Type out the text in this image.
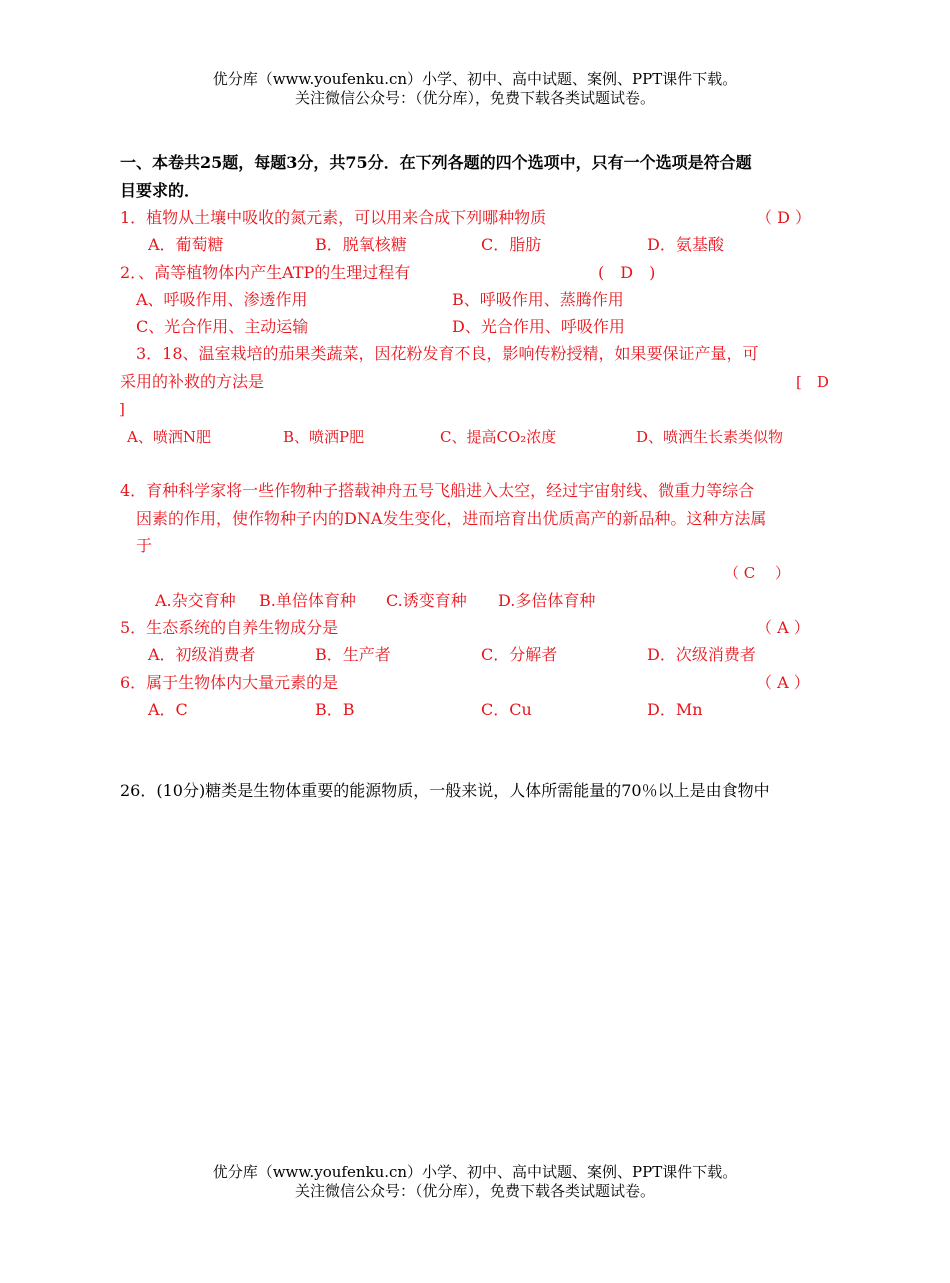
优分库（www.youfenku.cn）小学、初中、高中试题、案例、PPT课件下载。
关注微信公众号：（优分库），免费下载各类试题试卷。
一、本卷共25题，每题3分，共75分．在下列各题的四个选项中，只有一个选项是符合题
目要求的．
1．植物从土壤中吸收的氮元素，可以用来合成下列哪种物质	（ D ）
A．葡萄糖	B．脱氧核糖	C．脂肪	D．氨基酸
2．、高等植物体内产生ATP的生理过程有	(　D　)
A、呼吸作用、渗透作用	B、呼吸作用、蒸腾作用
C、光合作用、主动运输	D、光合作用、呼吸作用
3．18、温室栽培的茄果类蔬菜，因花粉发育不良，影响传粉授精，如果要保证产量，可
采用的补救的方法是	[　D
]
A、喷洒N肥	B、喷洒P肥	C、提高CO₂浓度	D、喷洒生长素类似物
4．育种科学家将一些作物种子搭载神舟五号飞船进入太空，经过宇宙射线、微重力等综合
因素的作用，使作物种子内的DNA发生变化，进而培育出优质高产的新品种。这种方法属
于
（ C　 ）
A.杂交育种 B.单倍体育种 C.诱变育种 D.多倍体育种
5．生态系统的自养生物成分是	（ A ）
A．初级消费者	B．生产者	C．分解者	D．次级消费者
6．属于生物体内大量元素的是	（ A ）
A．C	B．B	C．Cu	D．Mn
26．(10分)糖类是生物体重要的能源物质，一般来说，人体所需能量的70％以上是由食物中
优分库（www.youfenku.cn）小学、初中、高中试题、案例、PPT课件下载。
关注微信公众号：（优分库），免费下载各类试题试卷。
